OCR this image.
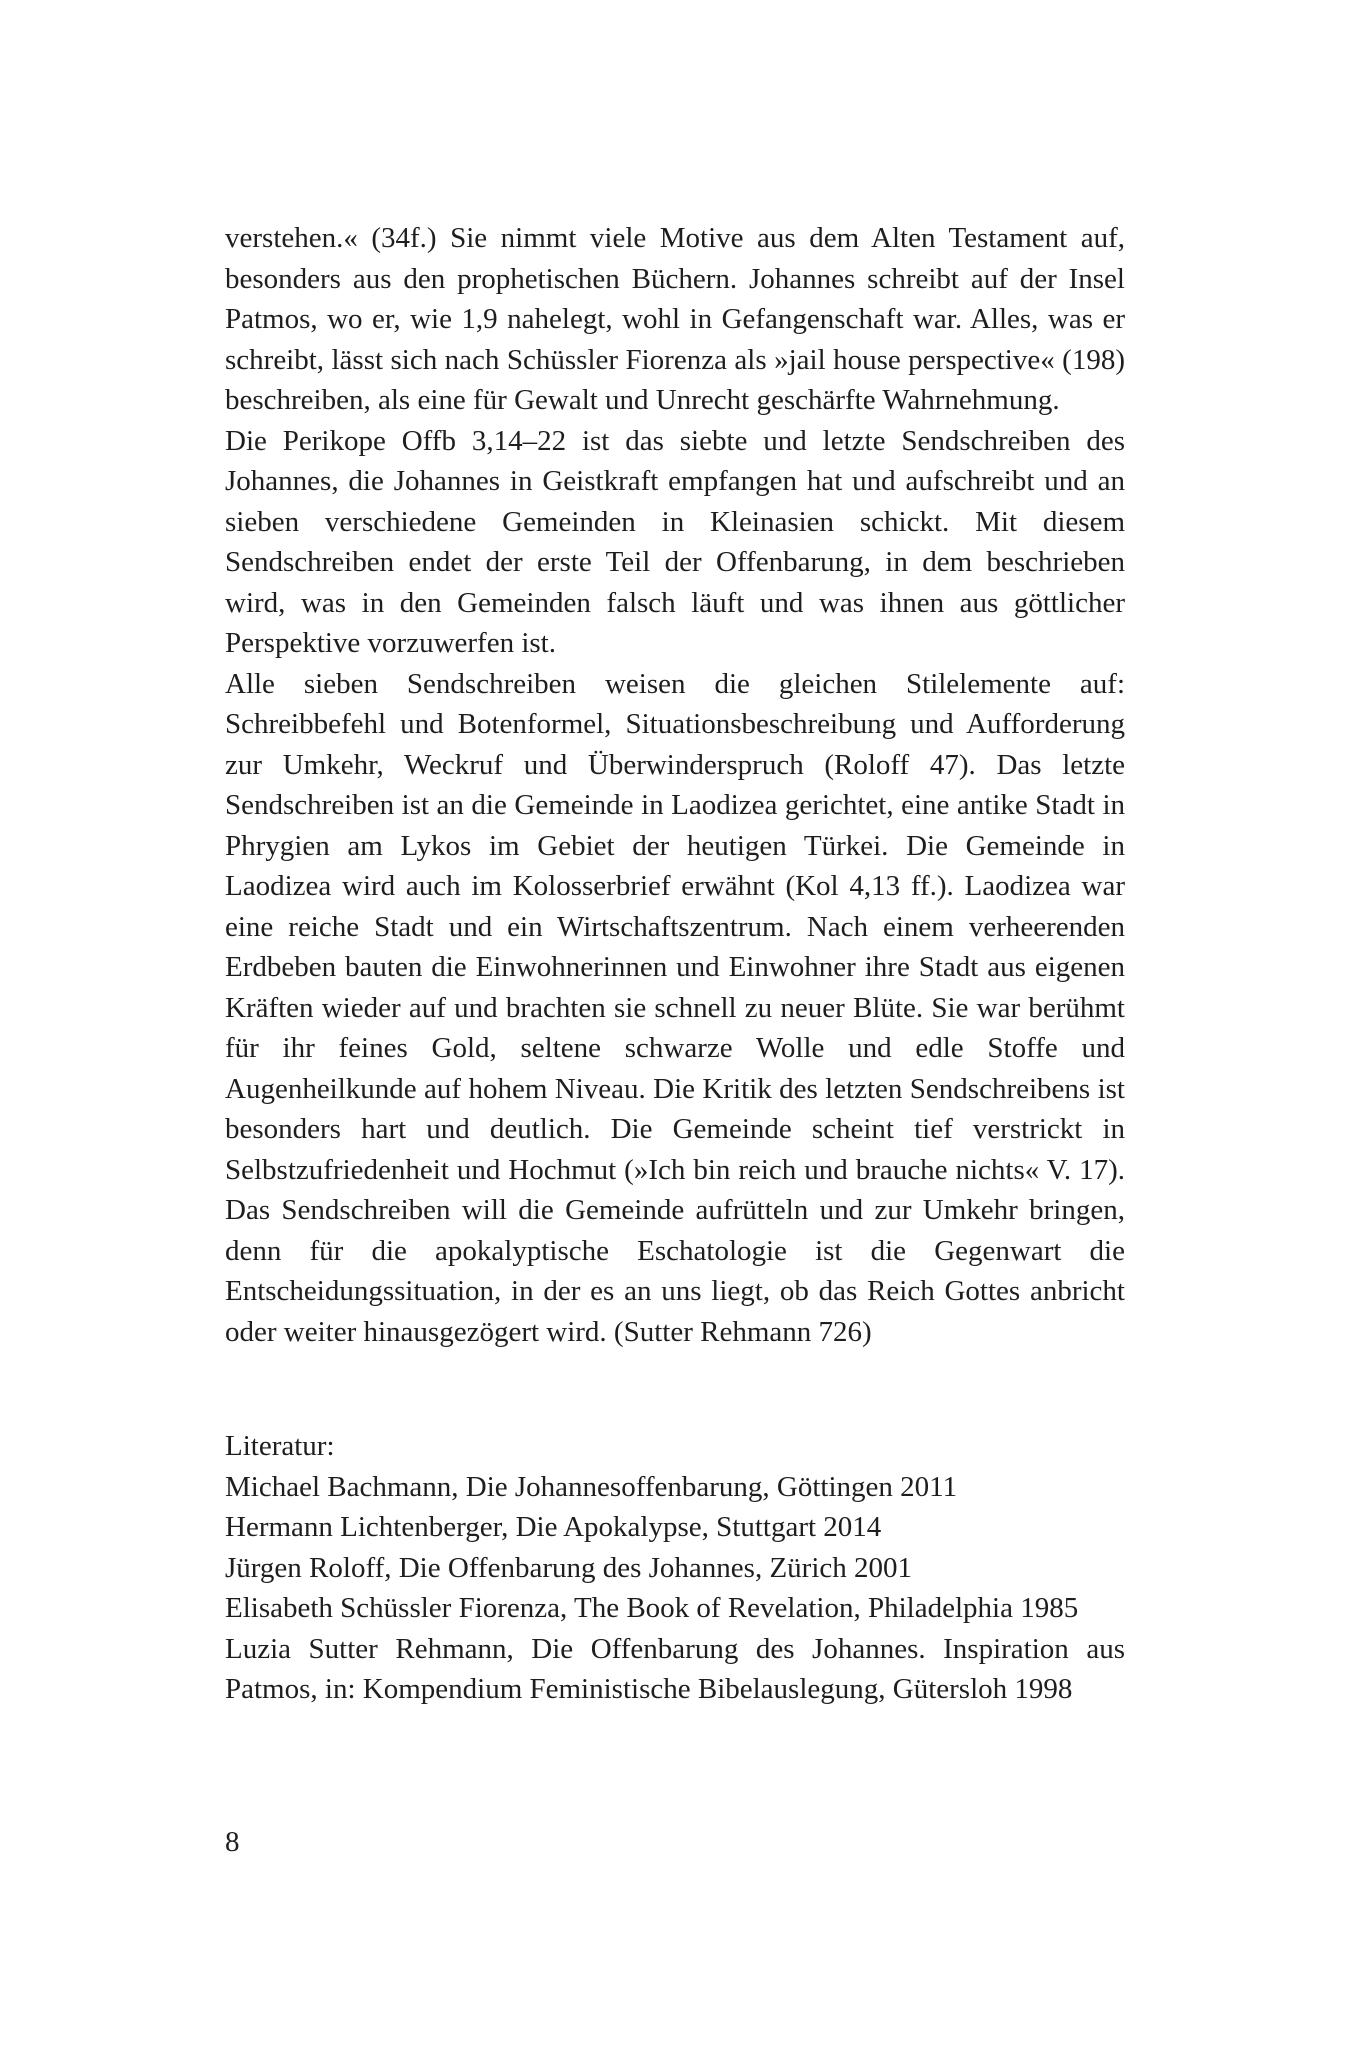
verstehen.« (34f.) Sie nimmt viele Motive aus dem Alten Testament auf, besonders aus den prophetischen Büchern. Johannes schreibt auf der Insel Patmos, wo er, wie 1,9 nahelegt, wohl in Gefangenschaft war. Alles, was er schreibt, lässt sich nach Schüssler Fiorenza als »jail house perspective« (198) beschreiben, als eine für Gewalt und Unrecht geschärfte Wahrnehmung.

Die Perikope Offb 3,14–22 ist das siebte und letzte Sendschreiben des Johannes, die Johannes in Geistkraft empfangen hat und aufschreibt und an sieben verschiedene Gemeinden in Kleinasien schickt. Mit diesem Sendschreiben endet der erste Teil der Offenbarung, in dem beschrieben wird, was in den Gemeinden falsch läuft und was ihnen aus göttlicher Perspektive vorzuwerfen ist.

Alle sieben Sendschreiben weisen die gleichen Stilelemente auf: Schreibbefehl und Botenformel, Situationsbeschreibung und Aufforderung zur Umkehr, Weckruf und Überwinderspruch (Roloff 47). Das letzte Sendschreiben ist an die Gemeinde in Laodizea gerichtet, eine antike Stadt in Phrygien am Lykos im Gebiet der heutigen Türkei. Die Gemeinde in Laodizea wird auch im Kolosserbrief erwähnt (Kol 4,13 ff.). Laodizea war eine reiche Stadt und ein Wirtschaftszentrum. Nach einem verheerenden Erdbeben bauten die Einwohnerinnen und Einwohner ihre Stadt aus eigenen Kräften wieder auf und brachten sie schnell zu neuer Blüte. Sie war berühmt für ihr feines Gold, seltene schwarze Wolle und edle Stoffe und Augenheilkunde auf hohem Niveau. Die Kritik des letzten Sendschreibens ist besonders hart und deutlich. Die Gemeinde scheint tief verstrickt in Selbstzufriedenheit und Hochmut (»Ich bin reich und brauche nichts« V. 17). Das Sendschreiben will die Gemeinde aufrütteln und zur Umkehr bringen, denn für die apokalyptische Eschatologie ist die Gegenwart die Entscheidungssituation, in der es an uns liegt, ob das Reich Gottes anbricht oder weiter hinausgezögert wird. (Sutter Rehmann 726)

Literatur:

Michael Bachmann, Die Johannesoffenbarung, Göttingen 2011
Hermann Lichtenberger, Die Apokalypse, Stuttgart 2014
Jürgen Roloff, Die Offenbarung des Johannes, Zürich 2001
Elisabeth Schüssler Fiorenza, The Book of Revelation, Philadelphia 1985
Luzia Sutter Rehmann, Die Offenbarung des Johannes. Inspiration aus Patmos, in: Kompendium Feministische Bibelauslegung, Gütersloh 1998
8
